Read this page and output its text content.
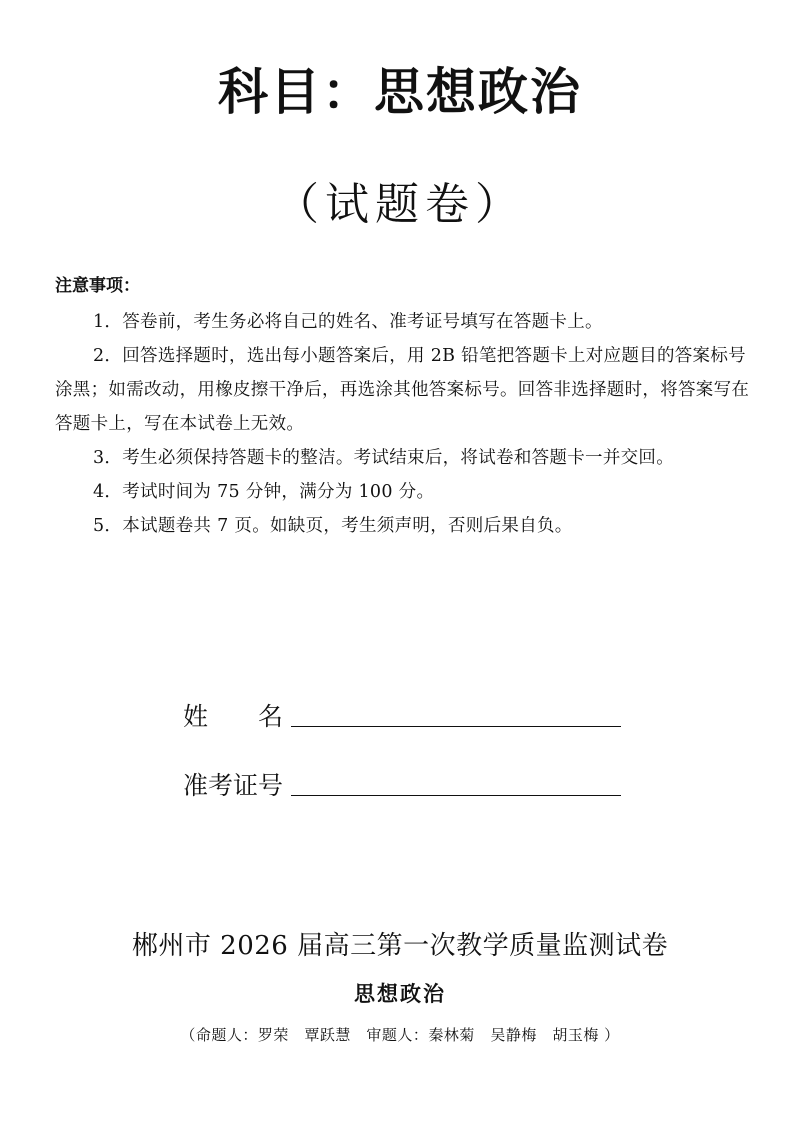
科目：思想政治
（试题卷）
注意事项：

1．答卷前，考生务必将自己的姓名、准考证号填写在答题卡上。

2．回答选择题时，选出每小题答案后，用 2B 铅笔把答题卡上对应题目的答案标号涂黑；如需改动，用橡皮擦干净后，再选涂其他答案标号。回答非选择题时，将答案写在答题卡上，写在本试卷上无效。

3．考生必须保持答题卡的整洁。考试结束后，将试卷和答题卡一并交回。

4．考试时间为 75 分钟，满分为 100 分。

5．本试题卷共 7 页。如缺页，考生须声明，否则后果自负。

姓　　名
准考证号
郴州市 2026 届高三第一次教学质量监测试卷
思想政治
（命题人：罗荣　覃跃慧　审题人：秦林菊　吴静梅　胡玉梅 ）
